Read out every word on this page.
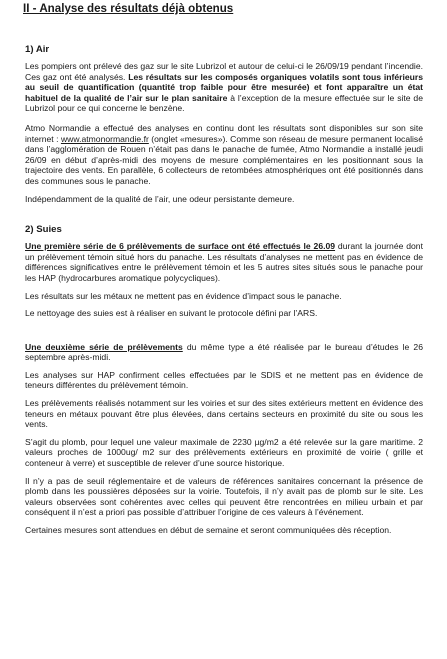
II - Analyse des résultats déjà obtenus
1) Air

Les pompiers ont prélevé des gaz sur le site Lubrizol et autour de celui-ci le 26/09/19 pendant l’incendie. Ces gaz ont été analysés. Les résultats sur les composés organiques volatils sont tous inférieurs au seuil de quantification (quantité trop faible pour être mesurée) et font apparaître un état habituel de la qualité de l’air sur le plan sanitaire à l’exception de la mesure effectuée sur le site de Lubrizol pour ce qui concerne le benzène.

Atmo Normandie a effectué des analyses en continu dont les résultats sont disponibles sur son site internet : www.atmonormandie.fr (onglet «mesures»). Comme son réseau de mesure permanent localisé dans l’agglomération de Rouen n’était pas dans le panache de fumée, Atmo Normandie a installé jeudi 26/09 en début d’après-midi des moyens de mesure complémentaires en les positionnant sous la trajectoire des vents. En parallèle, 6 collecteurs de retombées atmosphériques ont été positionnés dans des communes sous le panache.

Indépendamment de la qualité de l’air, une odeur persistante demeure.

2) Suies

Une première série de 6 prélèvements de surface ont été effectués le 26.09 durant la journée dont un prélèvement témoin situé hors du panache. Les résultats d’analyses ne mettent pas en évidence de différences significatives entre le prélèvement témoin et les 5 autres sites situés sous le panache pour les HAP (hydrocarbures aromatique polycycliques).

Les résultats sur les métaux ne mettent pas en évidence d’impact sous le panache.

Le nettoyage des suies est à réaliser en suivant le protocole défini par l’ARS.

Une deuxième série de prélèvements du même type a été réalisée par le bureau d’études le 26 septembre après-midi.

Les analyses sur HAP confirment celles effectuées par le SDIS et ne mettent pas en évidence de teneurs différentes du prélèvement témoin.

Les prélèvements réalisés notamment sur les voiries et sur des sites extérieurs mettent en évidence des teneurs en métaux pouvant être plus élevées, dans certains secteurs en proximité du site ou sous les vents.

S’agit du plomb, pour lequel une valeur maximale de 2230 µg/m2 a été relevée sur la gare maritime. 2 valeurs proches de 1000ug/ m2 sur des prélèvements extérieurs en proximité de voirie ( grille et conteneur à verre) et susceptible de relever d’une source historique.

Il n’y a pas de seuil réglementaire et de valeurs de références sanitaires concernant la présence de plomb dans les poussières déposées sur la voirie. Toutefois, il n’y avait pas de plomb sur le site. Les valeurs observées sont cohérentes avec celles qui peuvent être rencontrées en milieu urbain et par conséquent il n’est a priori pas possible d’attribuer l’origine de ces valeurs à l’événement.

Certaines mesures sont attendues en début de semaine et seront communiquées dès réception.
